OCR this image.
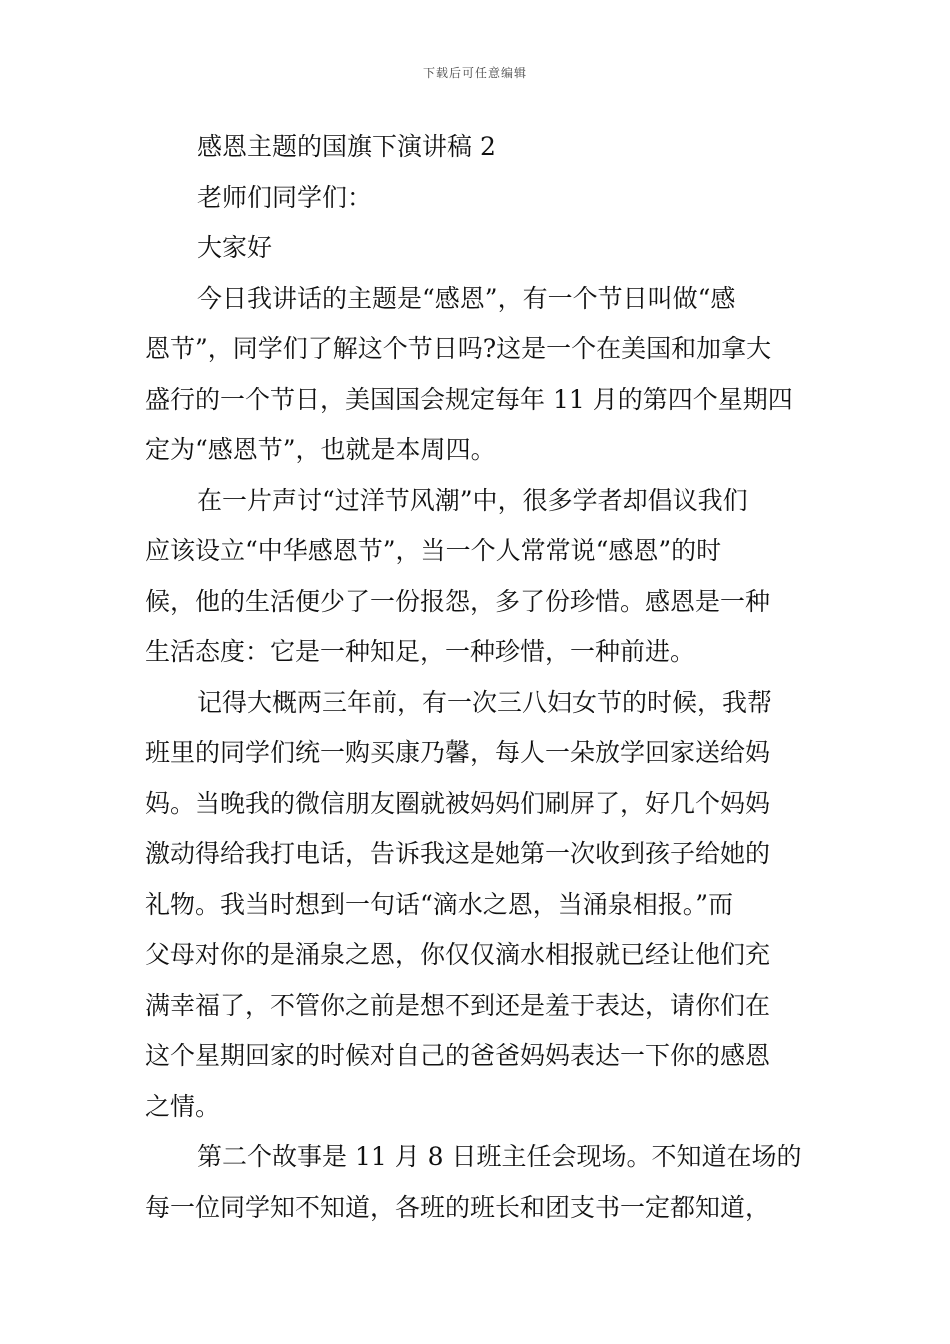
下载后可任意编辑

感恩主题的国旗下演讲稿 2

老师们同学们：

大家好

今日我讲话的主题是“感恩”，有一个节日叫做“感

恩节”，同学们了解这个节日吗?这是一个在美国和加拿大

盛行的一个节日，美国国会规定每年 11 月的第四个星期四

定为“感恩节”，也就是本周四。

在一片声讨“过洋节风潮”中，很多学者却倡议我们

应该设立“中华感恩节”，当一个人常常说“感恩”的时

候，他的生活便少了一份报怨，多了份珍惜。感恩是一种

生活态度：它是一种知足，一种珍惜，一种前进。

记得大概两三年前，有一次三八妇女节的时候，我帮

班里的同学们统一购买康乃馨，每人一朵放学回家送给妈

妈。当晚我的微信朋友圈就被妈妈们刷屏了，好几个妈妈

激动得给我打电话，告诉我这是她第一次收到孩子给她的

礼物。我当时想到一句话“滴水之恩，当涌泉相报。”而

父母对你的是涌泉之恩，你仅仅滴水相报就已经让他们充

满幸福了，不管你之前是想不到还是羞于表达，请你们在

这个星期回家的时候对自己的爸爸妈妈表达一下你的感恩

之情。

第二个故事是 11 月 8 日班主任会现场。不知道在场的

每一位同学知不知道，各班的班长和团支书一定都知道，
